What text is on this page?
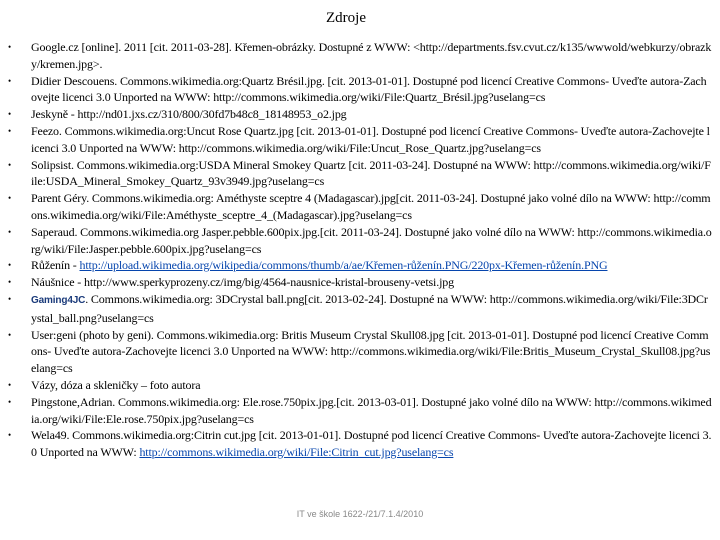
Zdroje
•	Google.cz [online]. 2011 [cit. 2011-03-28]. Křemen-obrázky. Dostupné z WWW: <http://departments.fsv.cvut.cz/k135/wwwold/webkurzy/obrazky/kremen.jpg>.
•	Didier Descouens. Commons.wikimedia.org:Quartz Brésil.jpg. [cit. 2013-01-01]. Dostupné pod licencí Creative Commons- Uveďte autora-Zachovejte licenci 3.0 Unported na WWW: http://commons.wikimedia.org/wiki/File:Quartz_Brésil.jpg?uselang=cs
•	Jeskyně - http://nd01.jxs.cz/310/800/30fd7b48c8_18148953_o2.jpg
•	Feezo. Commons.wikimedia.org:Uncut Rose Quartz.jpg [cit. 2013-01-01]. Dostupné pod licencí Creative Commons- Uveďte autora-Zachovejte licenci 3.0 Unported na WWW: http://commons.wikimedia.org/wiki/File:Uncut_Rose_Quartz.jpg?uselang=cs
•	Solipsist. Commons.wikimedia.org:USDA Mineral Smokey Quartz [cit. 2011-03-24]. Dostupné na WWW: http://commons.wikimedia.org/wiki/File:USDA_Mineral_Smokey_Quartz_93v3949.jpg?uselang=cs
•	Parent Géry. Commons.wikimedia.org: Améthyste sceptre 4 (Madagascar).jpg[cit. 2011-03-24]. Dostupné jako volné dílo na WWW: http://commons.wikimedia.org/wiki/File:Améthyste_sceptre_4_(Madagascar).jpg?uselang=cs
•	Saperaud. Commons.wikimedia.org Jasper.pebble.600pix.jpg.[cit. 2011-03-24]. Dostupné jako volné dílo na WWW: http://commons.wikimedia.org/wiki/File:Jasper.pebble.600pix.jpg?uselang=cs
•	Růženín - http://upload.wikimedia.org/wikipedia/commons/thumb/a/ae/Křemen-růženín.PNG/220px-Křemen-růženín.PNG
•	Náušnice - http://www.sperkyprozeny.cz/img/big/4564-nausnice-kristal-brouseny-vetsi.jpg
•	Gaming4JC. Commons.wikimedia.org: 3DCrystal ball.png[cit. 2013-02-24]. Dostupné na WWW: http://commons.wikimedia.org/wiki/File:3DCrystal_ball.png?uselang=cs
•	User:geni (photo by geni). Commons.wikimedia.org: Britis Museum Crystal Skull08.jpg [cit. 2013-01-01]. Dostupné pod licencí Creative Commons- Uveďte autora-Zachovejte licenci 3.0 Unported na WWW: http://commons.wikimedia.org/wiki/File:Britis_Museum_Crystal_Skull08.jpg?uselang=cs
•	Vázy, dóza a skleničky – foto autora
•	Pingstone,Adrian. Commons.wikimedia.org: Ele.rose.750pix.jpg.[cit. 2013-03-01]. Dostupné jako volné dílo na WWW: http://commons.wikimedia.org/wiki/File:Ele.rose.750pix.jpg?uselang=cs
•	Wela49. Commons.wikimedia.org:Citrin cut.jpg [cit. 2013-01-01]. Dostupné pod licencí Creative Commons- Uveďte autora-Zachovejte licenci 3.0 Unported na WWW: http://commons.wikimedia.org/wiki/File:Citrin_cut.jpg?uselang=cs
IT ve škole 1622-/21/7.1.4/2010
